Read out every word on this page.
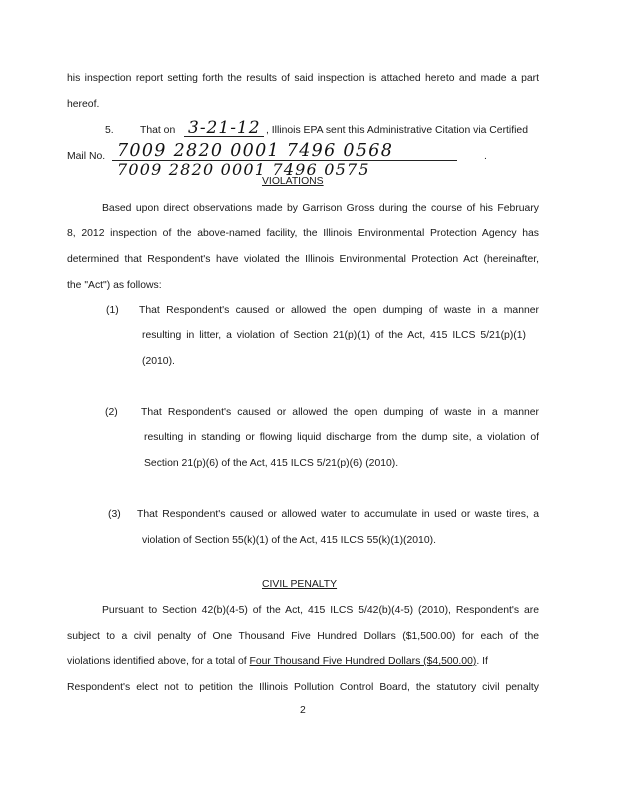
his inspection report setting forth the results of said inspection is attached hereto and made a part
hereof.
5.	That on 3-21-12 , Illinois EPA sent this Administrative Citation via Certified
Mail No. 7009 2820 0001 7496 0568	.
7009 2820 0001 7496 0575
VIOLATIONS
Based upon direct observations made by Garrison Gross during the course of his February
8, 2012 inspection of the above-named facility, the Illinois Environmental Protection Agency has
determined that Respondent's have violated the Illinois Environmental Protection Act (hereinafter,
the "Act") as follows:
(1) That Respondent's caused or allowed the open dumping of waste in a manner
resulting in litter, a violation of Section 21(p)(1) of the Act, 415 ILCS 5/21(p)(1)
(2010).
(2) That Respondent's caused or allowed the open dumping of waste in a manner
resulting in standing or flowing liquid discharge from the dump site, a violation of
Section 21(p)(6) of the Act, 415 ILCS 5/21(p)(6) (2010).
(3) That Respondent's caused or allowed water to accumulate in used or waste tires, a
violation of Section 55(k)(1) of the Act, 415 ILCS 55(k)(1)(2010).
CIVIL PENALTY
Pursuant to Section 42(b)(4-5) of the Act, 415 ILCS 5/42(b)(4-5) (2010), Respondent's are
subject to a civil penalty of One Thousand Five Hundred Dollars ($1,500.00) for each of the
violations identified above, for a total of Four Thousand Five Hundred Dollars ($4,500.00). If
Respondent's elect not to petition the Illinois Pollution Control Board, the statutory civil penalty
2
